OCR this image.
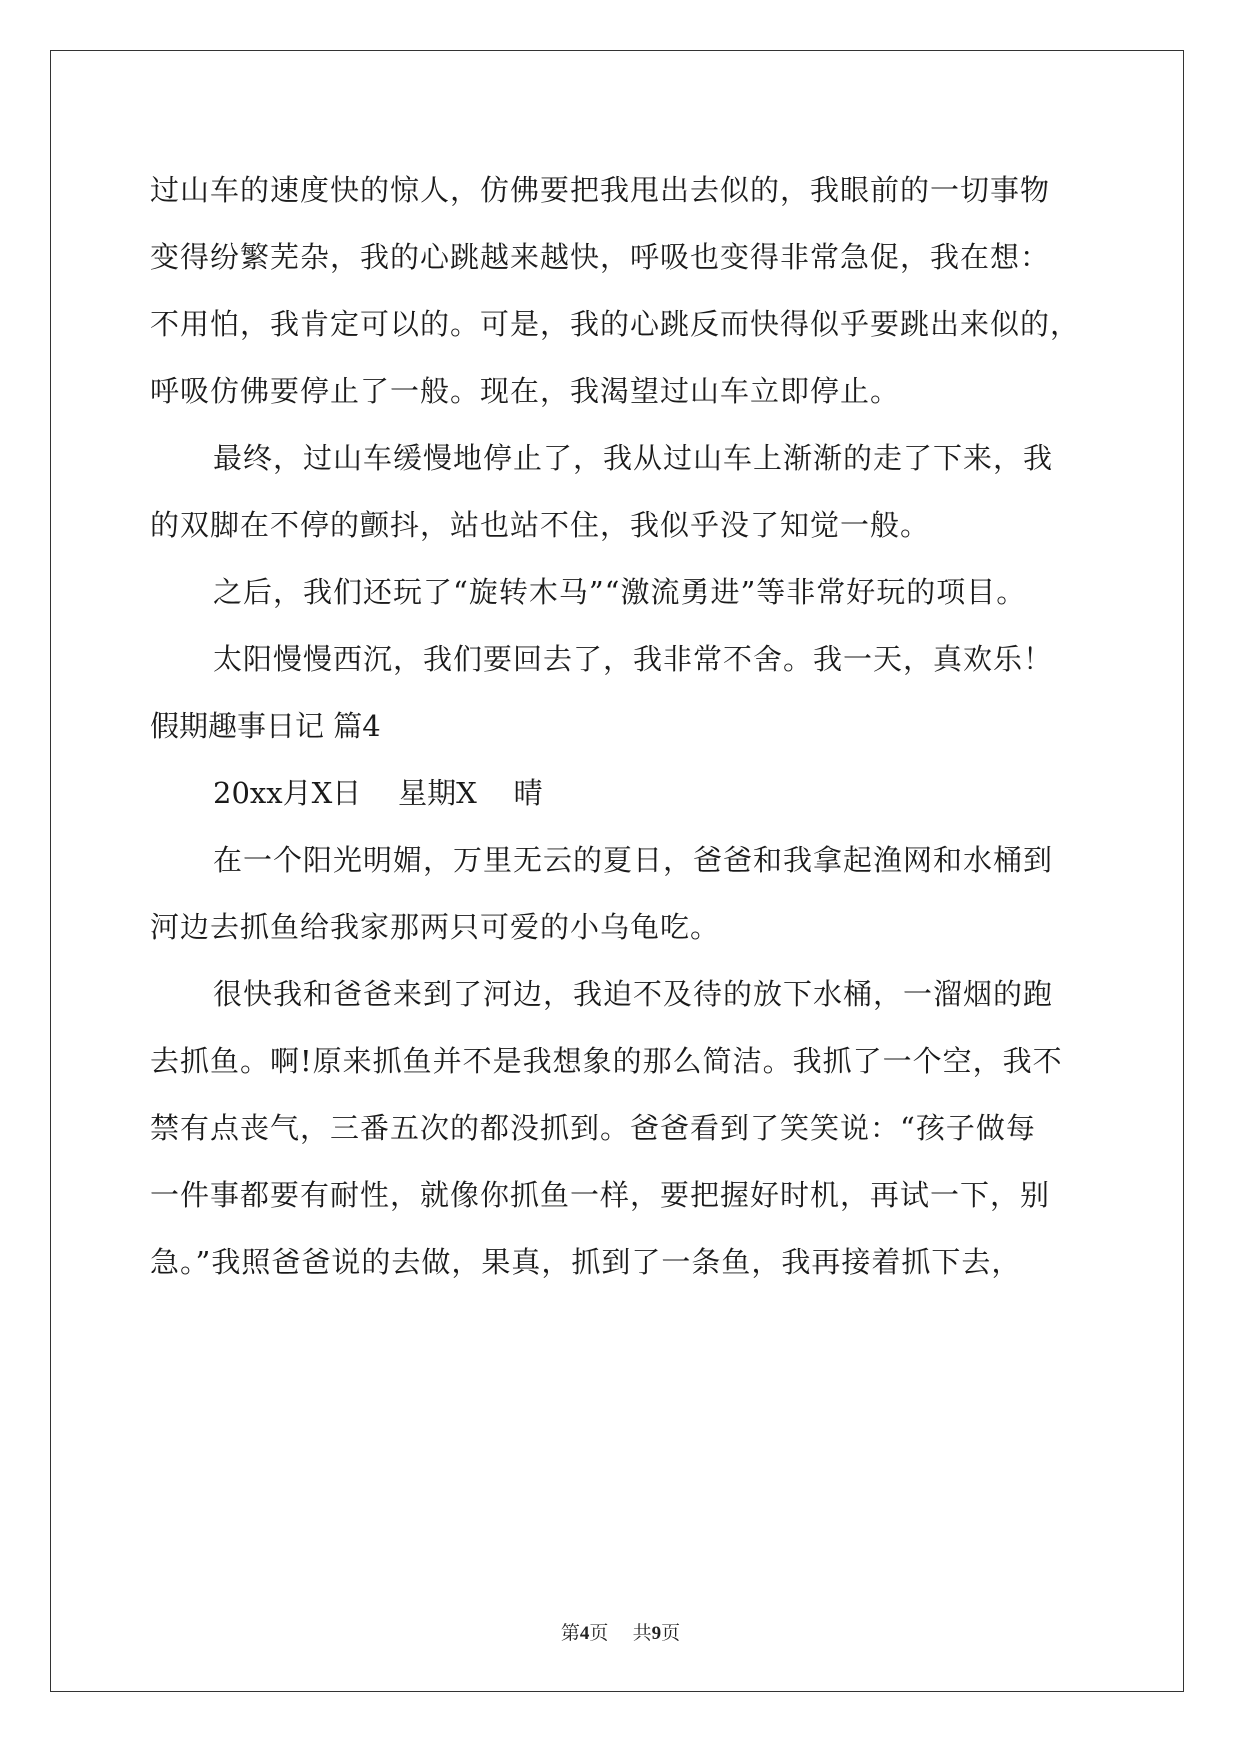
过山车的速度快的惊人，仿佛要把我甩出去似的，我眼前的一切事物
变得纷繁芜杂，我的心跳越来越快，呼吸也变得非常急促，我在想：
不用怕，我肯定可以的。可是，我的心跳反而快得似乎要跳出来似的，
呼吸仿佛要停止了一般。现在，我渴望过山车立即停止。
最终，过山车缓慢地停止了，我从过山车上渐渐的走了下来，我
的双脚在不停的颤抖，站也站不住，我似乎没了知觉一般。
之后，我们还玩了“旋转木马”“激流勇进”等非常好玩的项目。
太阳慢慢西沉，我们要回去了，我非常不舍。我一天，真欢乐！
假期趣事日记 篇4
20xx月X日    星期X    晴
在一个阳光明媚，万里无云的夏日，爸爸和我拿起渔网和水桶到
河边去抓鱼给我家那两只可爱的小乌龟吃。
很快我和爸爸来到了河边，我迫不及待的放下水桶，一溜烟的跑
去抓鱼。啊!原来抓鱼并不是我想象的那么简洁。我抓了一个空，我不
禁有点丧气，三番五次的都没抓到。爸爸看到了笑笑说：“孩子做每
一件事都要有耐性，就像你抓鱼一样，要把握好时机，再试一下，别
急。”我照爸爸说的去做，果真，抓到了一条鱼，我再接着抓下去，
第4页 共9页
